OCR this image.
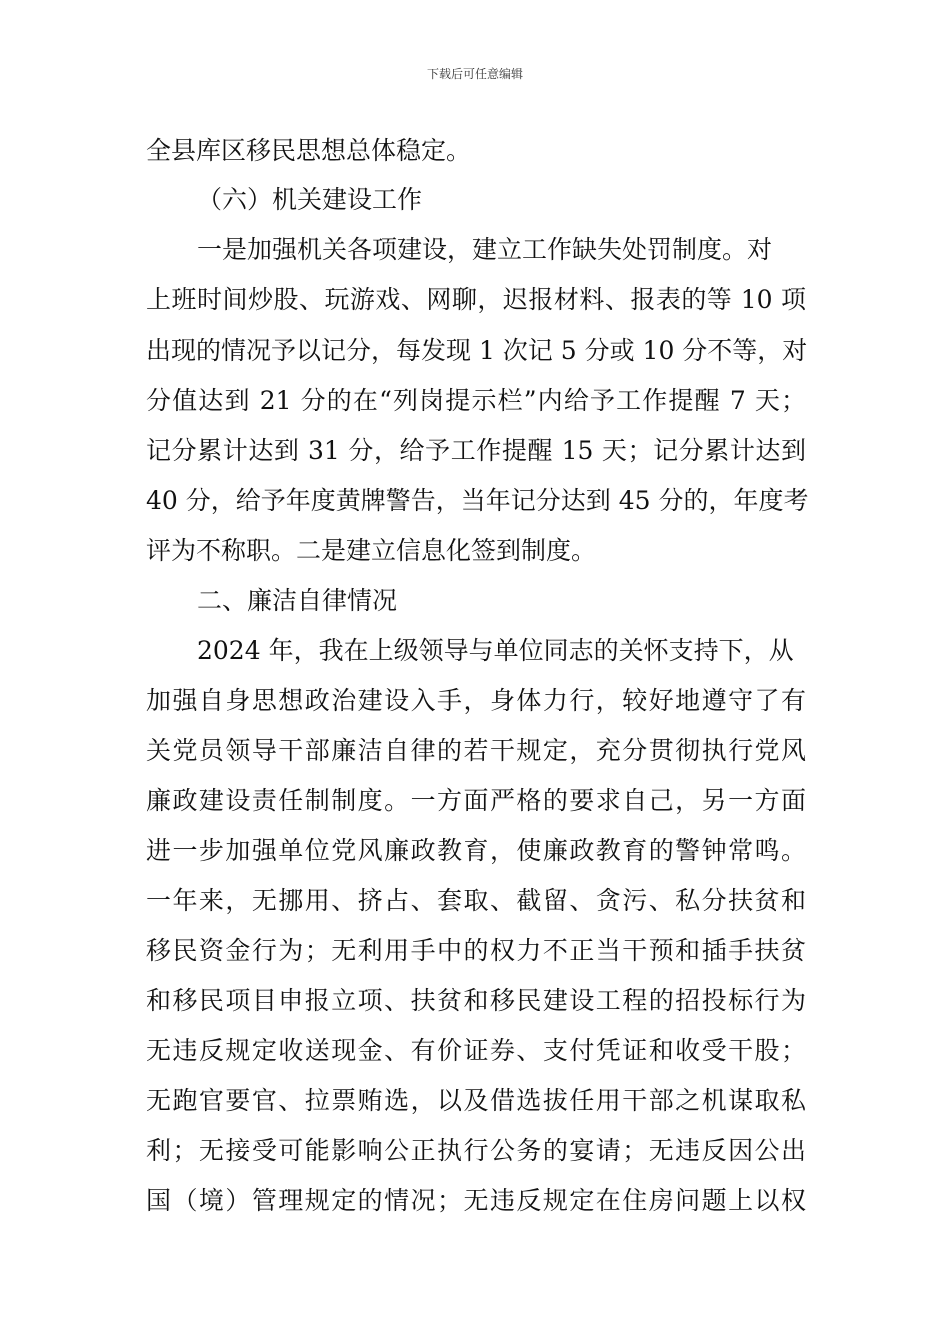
下载后可任意编辑
全县库区移民思想总体稳定。
（六）机关建设工作
一是加强机关各项建设，建立工作缺失处罚制度。对
上班时间炒股、玩游戏、网聊，迟报材料、报表的等 10 项
出现的情况予以记分，每发现 1 次记 5 分或 10 分不等，对
分值达到 21 分的在“列岗提示栏”内给予工作提醒 7 天；
记分累计达到 31 分，给予工作提醒 15 天；记分累计达到
40 分，给予年度黄牌警告，当年记分达到 45 分的，年度考
评为不称职。二是建立信息化签到制度。
二、廉洁自律情况
2024 年，我在上级领导与单位同志的关怀支持下，从
加强自身思想政治建设入手，身体力行，较好地遵守了有
关党员领导干部廉洁自律的若干规定，充分贯彻执行党风
廉政建设责任制制度。一方面严格的要求自己，另一方面
进一步加强单位党风廉政教育，使廉政教育的警钟常鸣。
一年来，无挪用、挤占、套取、截留、贪污、私分扶贫和
移民资金行为；无利用手中的权力不正当干预和插手扶贫
和移民项目申报立项、扶贫和移民建设工程的招投标行为
无违反规定收送现金、有价证券、支付凭证和收受干股；
无跑官要官、拉票贿选，以及借选拔任用干部之机谋取私
利；无接受可能影响公正执行公务的宴请；无违反因公出
国（境）管理规定的情况；无违反规定在住房问题上以权
